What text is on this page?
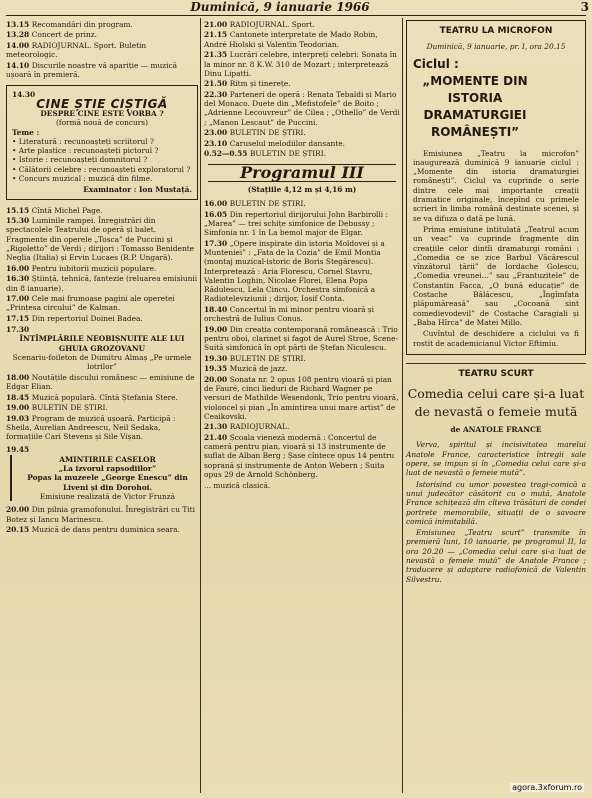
Duminică, 9 ianuarie 1966	3
13.15 Recomandări din program.
13.28 Concert de prinz.
14.00 RADIOJURNAL. Sport. Buletin meteorologic.
14.10 Discurile noastre vă apariție — muzică ușoară în premieră.
14.30
CINE ȘTIE CIȘTIGĂ
DESPRE CINE ESTE VORBA ?
(formă nouă de concurs)
Teme :
• Literatură : recunoașteți scriitorul ?
• Arte plastice : recunoașteți pictorul ?
• Istorie : recunoașteți domnitorul ?
• Călătorii celebre : recunoașteți exploratorul ?
• Concurs muzical : muzică din filme.
Examinator : Ion Mustață.
15.15 Cîntă Michel Page.
15.30 Luminile rampei. Înregistrări din spectacolele Teatrului de operă și balet. Fragmente din operele „Tosca” de Puccini și „Rigoletto” de Verdi ; dirijori : Tomasso Benidente Neglia (Italia) și Ervin Lucaes (R.P. Ungară).
16.00 Pentru iubitorii muzicii populare.
16.30 Știință, tehnică, fantezie (reluarea emisiunii din 8 ianuarie).
17.00 Cele mai frumoase pagini ale operetei „Prințesa circului” de Kalman.
17.15 Din repertoriul Doinei Badea.
17.30
ÎNTÎMPLĂRILE NEOBIȘNUITE ALE LUI GHUIA GROZOVANU
Scenariu-foileton de Dumitru Almaș „Pe urmele lotrilor”
18.00 Noutățile discului românesc — emisiune de Edgar Elian.
18.45 Muzică populară. Cîntă Ștefania Stere.
19.00 BULETIN DE ȘTIRI.
19.03 Program de muzică ușoară. Participă : Sheila, Aurelian Andreescu, Neil Sedaka, formațiile Cari Stevens și Sile Vișan.
19.45
AMINTIRILE CASELOR
„La izvorul rapsodiilor”
Popas la muzeele „George Enescu” din Liveni și din Dorohoi.
Emisiune realizată de Victor Frunză
20.00 Din pilnia gramofonului. Înregistrări cu Titi Botez și Iancu Marinescu.
20.15 Muzică de dans pentru duminica seara.
21.00 RADIOJURNAL. Sport.
21.15 Cantonete interpretate de Mado Robin, André Hiolski și Valentin Teodorian.
21.35 Lucrări celebre, interpreți celebri: Sonata în la minor nr. 8 K.W. 310 de Mozart ; interpretează Dinu Lipatti.
21.50 Ritm și tinerețe.
22.30 Parteneri de operă : Renata Tebaldi și Mario del Monaco. Duete din „Mefistofele” de Boito ; „Adrienne Lecouvreur” de Cilea ; „Othello” de Verdi ; „Manon Lescaut” de Puccini.
23.00 BULETIN DE ȘTIRI.
23.10 Caruselul melodiilor dansante.
0.52—0.55 BULETIN DE ȘTIRI.
Programul III
(Stațiile 4,12 m și 4,16 m)
16.00 BULETIN DE ȘTIRI.
16.05 Din repertoriul dirijorului John Barbirolli : „Marea” — trei schițe simfonice de Debussy ; Simfonia nr. 1 în La bemol major de Elgar.
17.30 „Opere inspirate din istoria Moldovei și a Munteniei” : „Fata de la Cozia” de Emil Montia (montaj muzical-istoric de Boris Stegărescu). Interpretează : Aria Florescu, Cornel Stavru, Valentin Loghin, Nicolae Florei, Elena Popa Rădulescu, Lela Cincu. Orchestra simfonică a Radioteleviziunii ; dirijor, Iosif Conta.
18.40 Concertul în mi minor pentru vioară și orchestră de Iulius Conus.
19.00 Din creația contemporană românească : Trio pentru oboi, clarinet și fagot de Aurel Stroe, Scene-Suită simfonică în opt părți de Ștefan Niculescu.
19.30 BULETIN DE ȘTIRI.
19.35 Muzică de jazz.
20.00 Sonata nr. 2 opus 108 pentru vioară și pian de Fauré, cinci lieduri de Richard Wagner pe versuri de Mathilde Wesendonk, Trio pentru vioară, violoncel și pian „În amintirea unui mare artist” de Ceaikovski.
21.30 RADIOJURNAL.
21.40 Școala vieneză modernă : Concertul de cameră pentru pian, vioară și 13 instrumente de suflat de Alban Berg ; Șase cîntece opus 14 pentru soprană și instrumente de Anton Webern ; Suita opus 29 de Arnold Schönberg.
... muzică clasică.
TEATRU LA MICROFON
Duminică, 9 ianuarie, pr. I, ora 20.15
Ciclul :„MOMENTE DIN ISTORIA DRAMATURGIEI ROMÂNEȘTI”
Emisiunea „Teatru la microfon” inaugurează duminică 9 ianuarie ciclul : „Momente din istoria dramaturgiei românești”. Ciclul va cuprinde o serie dintre cele mai importante creații dramatice originale, începînd cu primele scrieri în limba română destinate scenei, și se va difuza o dată pe lună.
Prima emisiune intitulată „Teatrul acum un veac” va cuprinde fragmente din creațiile celor dintîi dramaturgi români : „Comedia ce se zice Barbul Văcărescul vînzătorul țării” de Iordache Golescu, „Comedia vreunei...” sau „Frantuzitele” de Constantin Facca, „O bună educație” de Costache Bălăcescu, „Îngîmfata plăpumăreasă” sau „Cocoană sint comedievodevil” de Costache Caragiali și „Baba Hîrca” de Matei Millo.
Cuvîntul de deschidere a ciclului va fi rostit de academicianul Victor Eftimiu.
TEATRU SCURT
Comedia celui care și-a luat de nevastă o femeie mută
de ANATOLE FRANCE
Verva, spiritul și incisivitatea marelui Anatole France, caracteristice întregii sale opere, se impun și în „Comedia celui care și-a luat de nevastă o femeie mută”.
Istorisind cu umor povestea tragi-comică a unui judecător căsătorit cu o mută, Anatole France schițează din cîteva trăsături de condei portrete memorabile, situații de o savoare comică inimitabilă.
Emisiunea „Teatru scurt” transmite în premieră luni, 10 ianuarie, pe programul II, la ora 20.20 — „Comedia celui care și-a luat de nevastă o femeie mută” de Anatole France ; traducere și adaptare radiofonică de Valentin Silvestru.
agora.3xforum.ro
